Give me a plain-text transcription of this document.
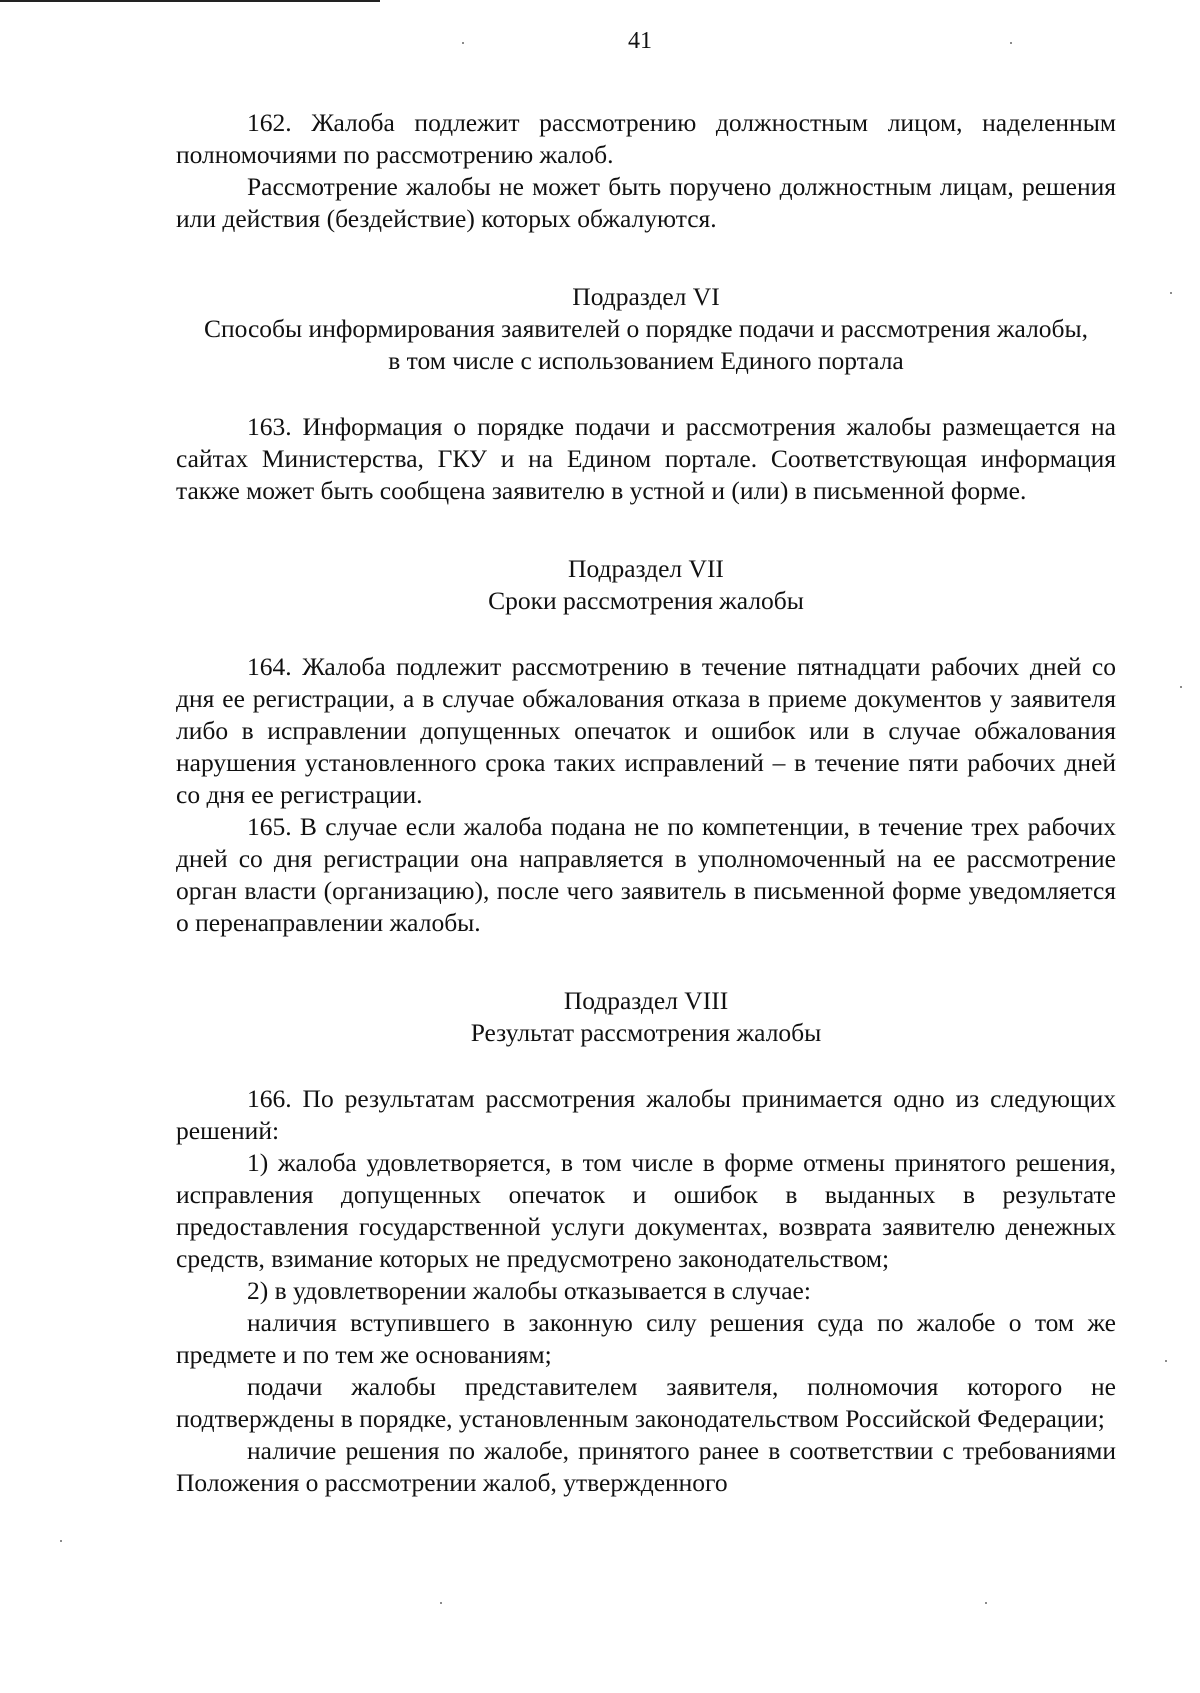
41

162. Жалоба подлежит рассмотрению должностным лицом, наделенным полномочиями по рассмотрению жалоб.

Рассмотрение жалобы не может быть поручено должностным лицам, решения или действия (бездействие) которых обжалуются.

Подраздел VI

Способы информирования заявителей о порядке подачи и рассмотрения жалобы, в том числе с использованием Единого портала

163. Информация о порядке подачи и рассмотрения жалобы размещается на сайтах Министерства, ГКУ и на Едином портале. Соответствующая информация также может быть сообщена заявителю в устной и (или) в письменной форме.

Подраздел VII

Сроки рассмотрения жалобы

164. Жалоба подлежит рассмотрению в течение пятнадцати рабочих дней со дня ее регистрации, а в случае обжалования отказа в приеме документов у заявителя либо в исправлении допущенных опечаток и ошибок или в случае обжалования нарушения установленного срока таких исправлений – в течение пяти рабочих дней со дня ее регистрации.

165. В случае если жалоба подана не по компетенции, в течение трех рабочих дней со дня регистрации она направляется в уполномоченный на ее рассмотрение орган власти (организацию), после чего заявитель в письменной форме уведомляется о перенаправлении жалобы.

Подраздел VIII

Результат рассмотрения жалобы

166. По результатам рассмотрения жалобы принимается одно из следующих решений:

1) жалоба удовлетворяется, в том числе в форме отмены принятого решения, исправления допущенных опечаток и ошибок в выданных в результате предоставления государственной услуги документах, возврата заявителю денежных средств, взимание которых не предусмотрено законодательством;

2) в удовлетворении жалобы отказывается в случае:

наличия вступившего в законную силу решения суда по жалобе о том же предмете и по тем же основаниям;

подачи жалобы представителем заявителя, полномочия которого не подтверждены в порядке, установленным законодательством Российской Федерации;

наличие решения по жалобе, принятого ранее в соответствии с требованиями Положения о рассмотрении жалоб, утвержденного
